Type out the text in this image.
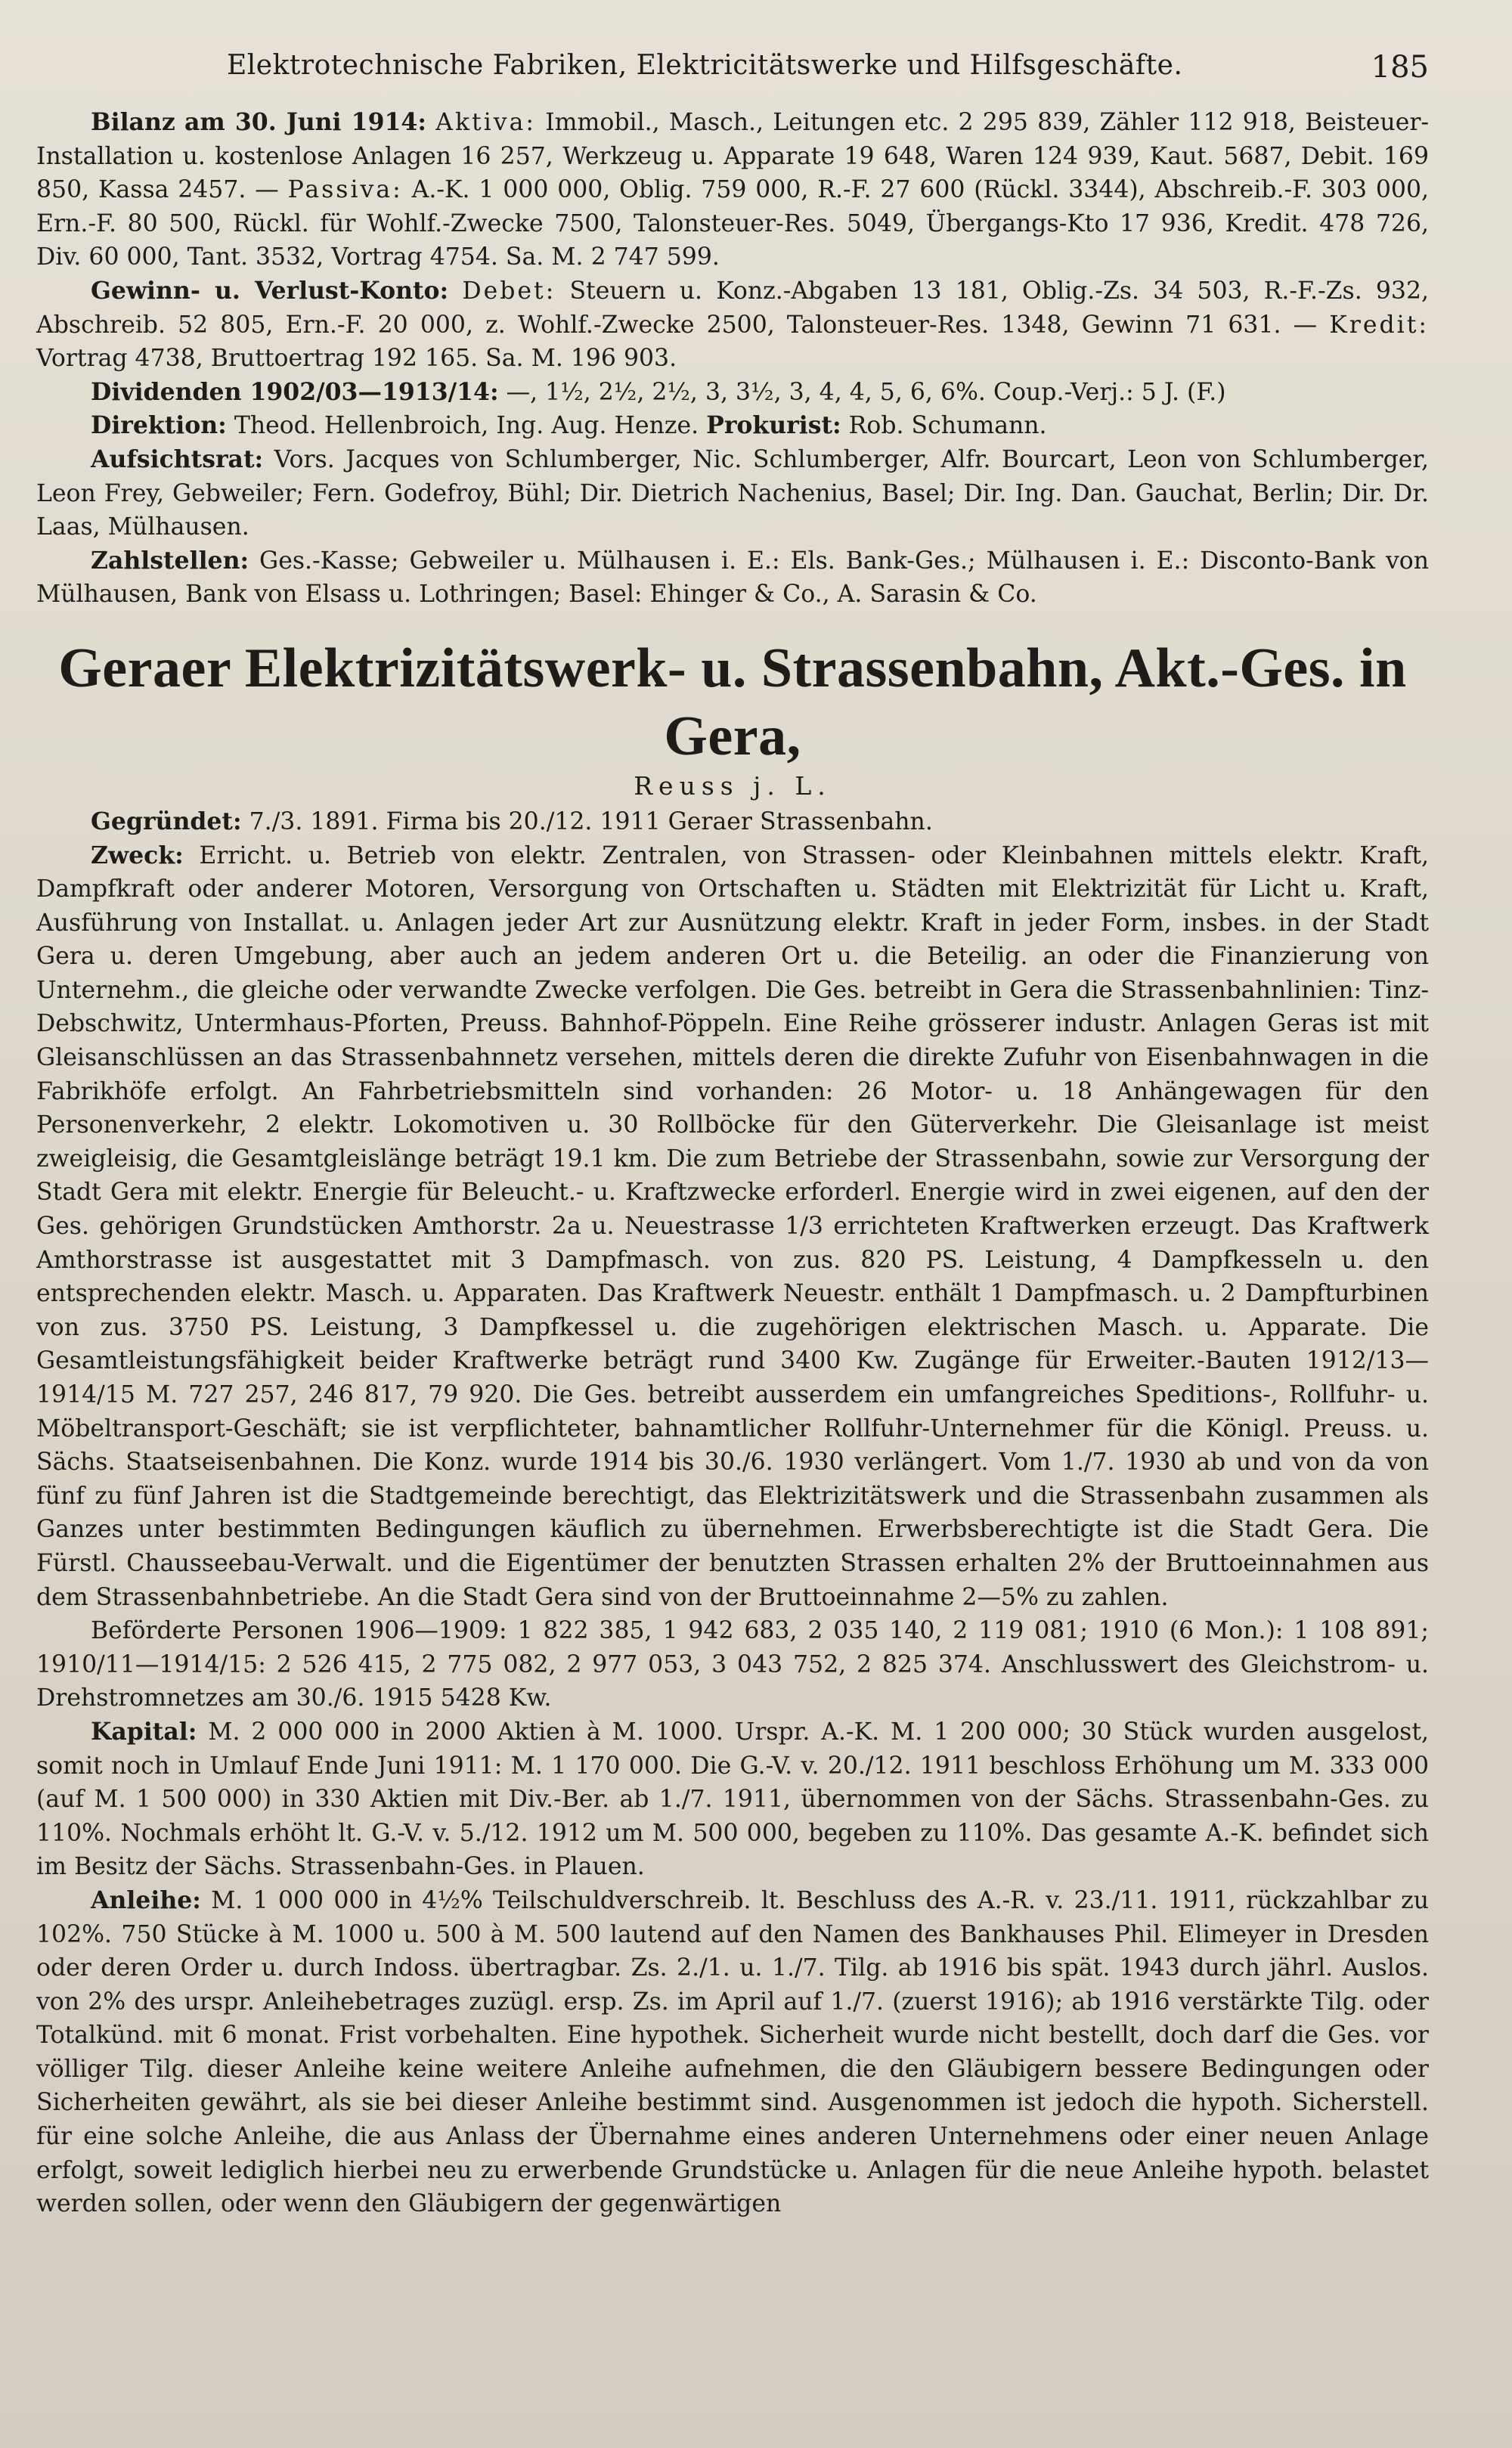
Elektrotechnische Fabriken, Elektricitätswerke und Hilfsgeschäfte.	185

Bilanz am 30. Juni 1914: Aktiva: Immobil., Masch., Leitungen etc. 2 295 839, Zähler 112 918, Beisteuer-Installation u. kostenlose Anlagen 16 257, Werkzeug u. Apparate 19 648, Waren 124 939, Kaut. 5687, Debit. 169 850, Kassa 2457. — Passiva: A.-K. 1 000 000, Oblig. 759 000, R.-F. 27 600 (Rückl. 3344), Abschreib.-F. 303 000, Ern.-F. 80 500, Rückl. für Wohlf.-Zwecke 7500, Talonsteuer-Res. 5049, Übergangs-Kto 17 936, Kredit. 478 726, Div. 60 000, Tant. 3532, Vortrag 4754. Sa. M. 2 747 599.

Gewinn- u. Verlust-Konto: Debet: Steuern u. Konz.-Abgaben 13 181, Oblig.-Zs. 34 503, R.-F.-Zs. 932, Abschreib. 52 805, Ern.-F. 20 000, z. Wohlf.-Zwecke 2500, Talonsteuer-Res. 1348, Gewinn 71 631. — Kredit: Vortrag 4738, Bruttoertrag 192 165. Sa. M. 196 903.

Dividenden 1902/03—1913/14: —, 1½, 2½, 2½, 3, 3½, 3, 4, 4, 5, 6, 6%. Coup.-Verj.: 5 J. (F.)

Direktion: Theod. Hellenbroich, Ing. Aug. Henze. Prokurist: Rob. Schumann.

Aufsichtsrat: Vors. Jacques von Schlumberger, Nic. Schlumberger, Alfr. Bourcart, Leon von Schlumberger, Leon Frey, Gebweiler; Fern. Godefroy, Bühl; Dir. Dietrich Nachenius, Basel; Dir. Ing. Dan. Gauchat, Berlin; Dir. Dr. Laas, Mülhausen.

Zahlstellen: Ges.-Kasse; Gebweiler u. Mülhausen i. E.: Els. Bank-Ges.; Mülhausen i. E.: Disconto-Bank von Mülhausen, Bank von Elsass u. Lothringen; Basel: Ehinger & Co., A. Sarasin & Co.

Geraer Elektrizitätswerk- u. Strassenbahn, Akt.-Ges. in Gera,
Reuss j. L.

Gegründet: 7./3. 1891. Firma bis 20./12. 1911 Geraer Strassenbahn.

Zweck: Erricht. u. Betrieb von elektr. Zentralen, von Strassen- oder Kleinbahnen mittels elektr. Kraft, Dampfkraft oder anderer Motoren, Versorgung von Ortschaften u. Städten mit Elektrizität für Licht u. Kraft, Ausführung von Installat. u. Anlagen jeder Art zur Ausnützung elektr. Kraft in jeder Form, insbes. in der Stadt Gera u. deren Umgebung, aber auch an jedem anderen Ort u. die Beteilig. an oder die Finanzierung von Unternehm., die gleiche oder verwandte Zwecke verfolgen. Die Ges. betreibt in Gera die Strassenbahnlinien: Tinz-Debschwitz, Untermhaus-Pforten, Preuss. Bahnhof-Pöppeln. Eine Reihe grösserer industr. Anlagen Geras ist mit Gleisanschlüssen an das Strassenbahnnetz versehen, mittels deren die direkte Zufuhr von Eisenbahnwagen in die Fabrikhöfe erfolgt. An Fahrbetriebsmitteln sind vorhanden: 26 Motor- u. 18 Anhängewagen für den Personenverkehr, 2 elektr. Lokomotiven u. 30 Rollböcke für den Güterverkehr. Die Gleisanlage ist meist zweigleisig, die Gesamtgleislänge beträgt 19.1 km. Die zum Betriebe der Strassenbahn, sowie zur Versorgung der Stadt Gera mit elektr. Energie für Beleucht.- u. Kraftzwecke erforderl. Energie wird in zwei eigenen, auf den der Ges. gehörigen Grundstücken Amthorstr. 2a u. Neuestrasse 1/3 errichteten Kraftwerken erzeugt. Das Kraftwerk Amthorstrasse ist ausgestattet mit 3 Dampfmasch. von zus. 820 PS. Leistung, 4 Dampfkesseln u. den entsprechenden elektr. Masch. u. Apparaten. Das Kraftwerk Neuestr. enthält 1 Dampfmasch. u. 2 Dampfturbinen von zus. 3750 PS. Leistung, 3 Dampfkessel u. die zugehörigen elektrischen Masch. u. Apparate. Die Gesamtleistungsfähigkeit beider Kraftwerke beträgt rund 3400 Kw. Zugänge für Erweiter.-Bauten 1912/13—1914/15 M. 727 257, 246 817, 79 920. Die Ges. betreibt ausserdem ein umfangreiches Speditions-, Rollfuhr- u. Möbeltransport-Geschäft; sie ist verpflichteter, bahnamtlicher Rollfuhr-Unternehmer für die Königl. Preuss. u. Sächs. Staatseisenbahnen. Die Konz. wurde 1914 bis 30./6. 1930 verlängert. Vom 1./7. 1930 ab und von da von fünf zu fünf Jahren ist die Stadtgemeinde berechtigt, das Elektrizitätswerk und die Strassenbahn zusammen als Ganzes unter bestimmten Bedingungen käuflich zu übernehmen. Erwerbsberechtigte ist die Stadt Gera. Die Fürstl. Chausseebau-Verwalt. und die Eigentümer der benutzten Strassen erhalten 2% der Bruttoeinnahmen aus dem Strassenbahnbetriebe. An die Stadt Gera sind von der Bruttoeinnahme 2—5% zu zahlen.

Beförderte Personen 1906—1909: 1 822 385, 1 942 683, 2 035 140, 2 119 081; 1910 (6 Mon.): 1 108 891; 1910/11—1914/15: 2 526 415, 2 775 082, 2 977 053, 3 043 752, 2 825 374. Anschlusswert des Gleichstrom- u. Drehstromnetzes am 30./6. 1915 5428 Kw.

Kapital: M. 2 000 000 in 2000 Aktien à M. 1000. Urspr. A.-K. M. 1 200 000; 30 Stück wurden ausgelost, somit noch in Umlauf Ende Juni 1911: M. 1 170 000. Die G.-V. v. 20./12. 1911 beschloss Erhöhung um M. 333 000 (auf M. 1 500 000) in 330 Aktien mit Div.-Ber. ab 1./7. 1911, übernommen von der Sächs. Strassenbahn-Ges. zu 110%. Nochmals erhöht lt. G.-V. v. 5./12. 1912 um M. 500 000, begeben zu 110%. Das gesamte A.-K. befindet sich im Besitz der Sächs. Strassenbahn-Ges. in Plauen.

Anleihe: M. 1 000 000 in 4½% Teilschuldverschreib. lt. Beschluss des A.-R. v. 23./11. 1911, rückzahlbar zu 102%. 750 Stücke à M. 1000 u. 500 à M. 500 lautend auf den Namen des Bankhauses Phil. Elimeyer in Dresden oder deren Order u. durch Indoss. übertragbar. Zs. 2./1. u. 1./7. Tilg. ab 1916 bis spät. 1943 durch jährl. Auslos. von 2% des urspr. Anleihebetrages zuzügl. ersp. Zs. im April auf 1./7. (zuerst 1916); ab 1916 verstärkte Tilg. oder Totalkünd. mit 6 monat. Frist vorbehalten. Eine hypothek. Sicherheit wurde nicht bestellt, doch darf die Ges. vor völliger Tilg. dieser Anleihe keine weitere Anleihe aufnehmen, die den Gläubigern bessere Bedingungen oder Sicherheiten gewährt, als sie bei dieser Anleihe bestimmt sind. Ausgenommen ist jedoch die hypoth. Sicherstell. für eine solche Anleihe, die aus Anlass der Übernahme eines anderen Unternehmens oder einer neuen Anlage erfolgt, soweit lediglich hierbei neu zu erwerbende Grundstücke u. Anlagen für die neue Anleihe hypoth. belastet werden sollen, oder wenn den Gläubigern der gegenwärtigen
